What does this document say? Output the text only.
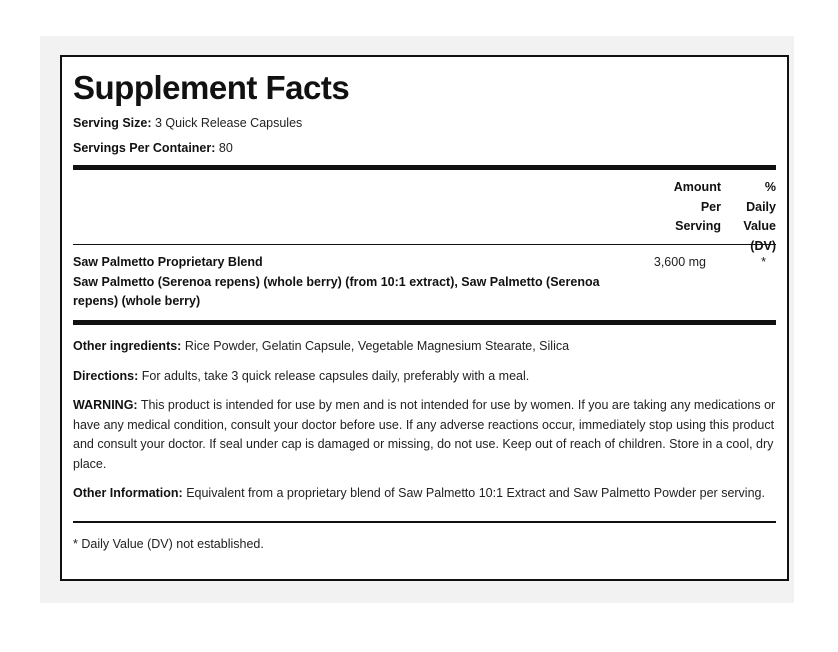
Supplement Facts
Serving Size: 3 Quick Release Capsules
Servings Per Container: 80
Amount
Per
Serving
% Daily
Value
(DV)
Saw Palmetto Proprietary Blend
Saw Palmetto (Serenoa repens) (whole berry) (from 10:1 extract), Saw Palmetto (Serenoa repens) (whole berry)
3,600 mg	*
Other ingredients: Rice Powder, Gelatin Capsule, Vegetable Magnesium Stearate, Silica
Directions: For adults, take 3 quick release capsules daily, preferably with a meal.
WARNING: This product is intended for use by men and is not intended for use by women. If you are taking any medications or have any medical condition, consult your doctor before use. If any adverse reactions occur, immediately stop using this product and consult your doctor. If seal under cap is damaged or missing, do not use. Keep out of reach of children. Store in a cool, dry place.
Other Information: Equivalent from a proprietary blend of Saw Palmetto 10:1 Extract and Saw Palmetto Powder per serving.
* Daily Value (DV) not established.
